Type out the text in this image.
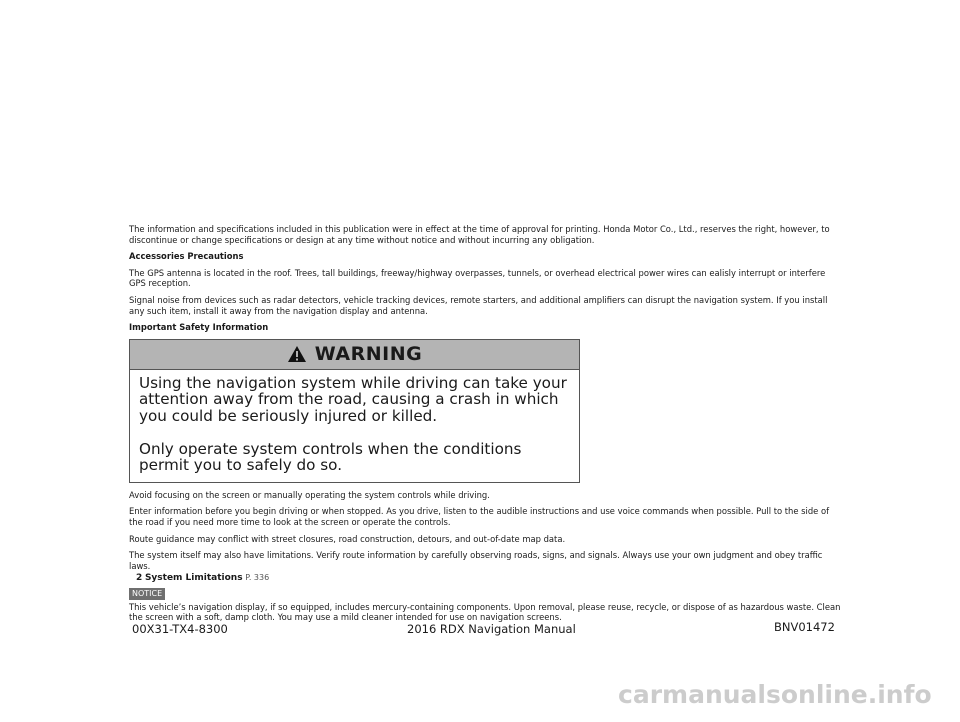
The information and specifications included in this publication were in effect at the time of approval for printing. Honda Motor Co., Ltd., reserves the right, however, to discontinue or change specifications or design at any time without notice and without incurring any obligation.

Accessories Precautions

The GPS antenna is located in the roof. Trees, tall buildings, freeway/highway overpasses, tunnels, or overhead electrical power wires can ealisly interrupt or interfere GPS reception.

Signal noise from devices such as radar detectors, vehicle tracking devices, remote starters, and additional amplifiers can disrupt the navigation system. If you install any such item, install it away from the navigation display and antenna.

Important Safety Information

WARNING

Using the navigation system while driving can take your attention away from the road, causing a crash in which you could be seriously injured or killed.

Only operate system controls when the conditions permit you to safely do so.

Avoid focusing on the screen or manually operating the system controls while driving.

Enter information before you begin driving or when stopped. As you drive, listen to the audible instructions and use voice commands when possible. Pull to the side of the road if you need more time to look at the screen or operate the controls.

Route guidance may conflict with street closures, road construction, detours, and out-of-date map data.

The system itself may also have limitations. Verify route information by carefully observing roads, signs, and signals. Always use your own judgment and obey traffic laws.

2 System Limitations P. 336
NOTICE

This vehicle’s navigation display, if so equipped, includes mercury-containing components. Upon removal, please reuse, recycle, or dispose of as hazardous waste. Clean the screen with a soft, damp cloth. You may use a mild cleaner intended for use on navigation screens.

00X31-TX4-8300	2016 RDX Navigation Manual	BNV01472
carmanualsonline.info
